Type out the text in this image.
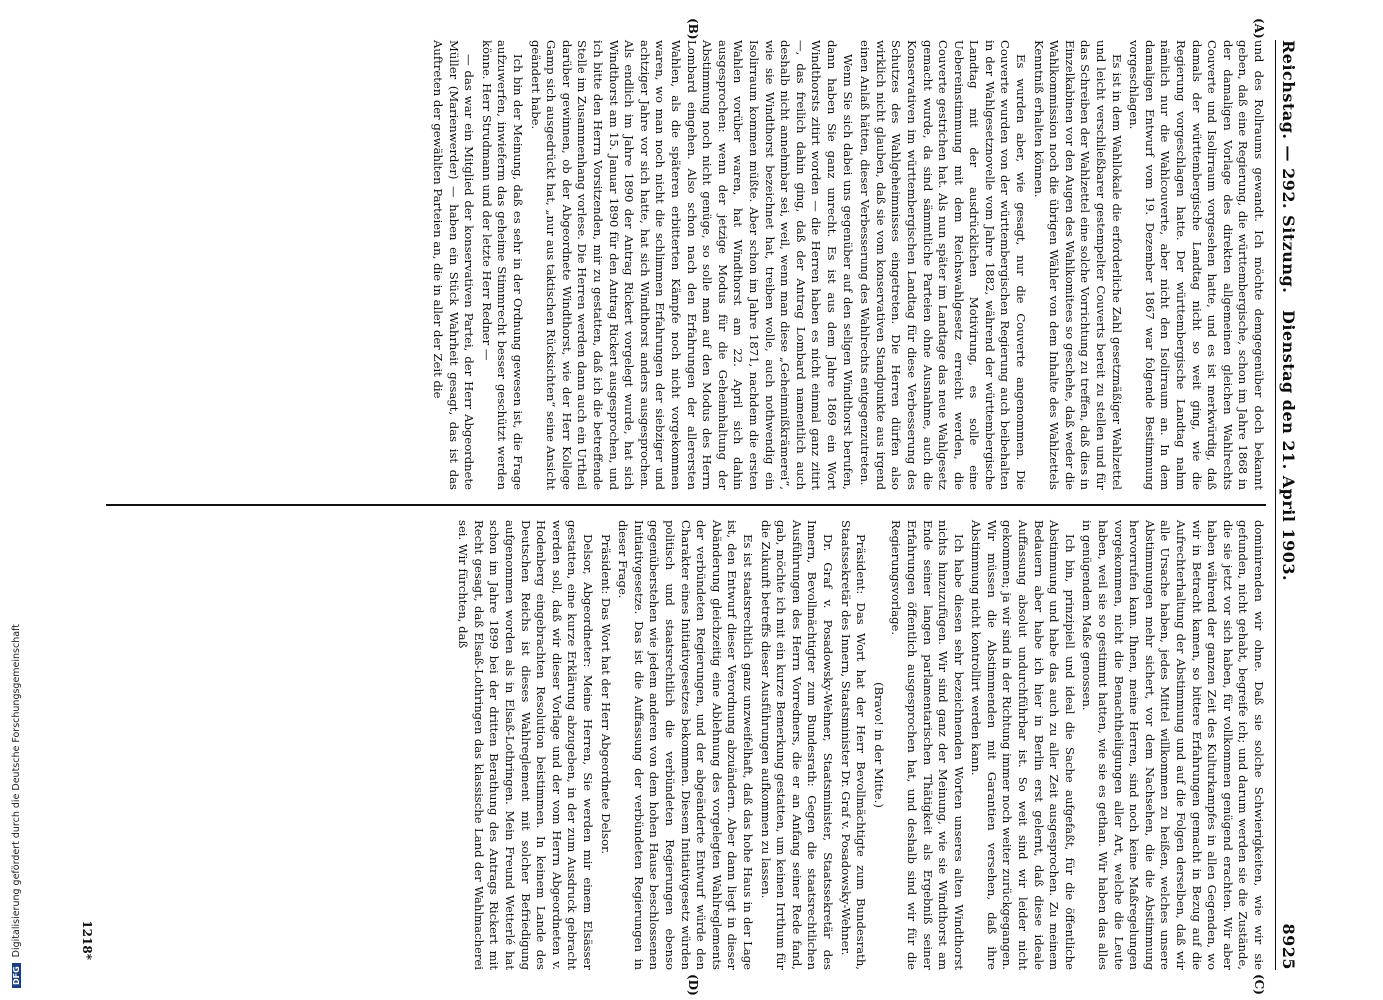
DFGDigitalisierung gefördert durch die Deutsche Forschungsgemeinschaft
Reichstag. — 292. Sitzung.
Dienstag den 21. April 1903.
8925
(A)
(B)
(C)
(D)

und des Rollraums gewandt. Ich möchte demgegenüber doch bekannt geben, daß eine Regierung, die württembergische, schon im Jahre 1868 in der damaligen Vorlage des direkten allgemeinen gleichen Wahlrechts Couverte und Isolirraum vorgesehen hatte, und es ist merkwürdig, daß damals der württembergische Landtag nicht so weit ging, wie die Regierung vorgeschlagen hatte. Der württembergische Landtag nahm nämlich nur die Wahlcouverte, aber nicht den Isolirraum an. In dem damaligen Entwurf vom 19. Dezember 1867 war folgende Bestimmung vorgeschlagen.

Es ist in dem Wahllokale die erforderliche Zahl gesetzmäßiger Wahlzettel und leicht verschließbarer gestempelter Couverts bereit zu stellen und für das Schreiben der Wahlzettel eine solche Vorrichtung zu treffen, daß dies in Einzelkabinen vor den Augen des Wahlkomitees so geschehe, daß weder die Wahlkommission noch die übrigen Wähler von dem Inhalte des Wahlzettels Kenntniß erhalten können.

Es wurden aber, wie gesagt, nur die Couverte angenommen. Die Couverte wurden von der württembergischen Regierung auch beibehalten in der Wahlgesetznovelle vom Jahre 1882, während der württembergische Landtag mit der ausdrücklichen Motivirung, es solle eine Uebereinstimmung mit dem Reichswahlgesetz erreicht werden, die Couverte gestrichen hat. Als nun später im Landtage das neue Wahlgesetz gemacht wurde, da sind sämmtliche Parteien ohne Ausnahme, auch die Konservativen im württembergischen Landtag für diese Verbesserung des Schutzes des Wahlgeheimnisses eingetreten. Die Herren dürfen also wirklich nicht glauben, daß sie vom konservativen Standpunkte aus irgend einen Anlaß hätten, dieser Verbesserung des Wahlrechts entgegenzutreten.

Wenn Sie sich dabei uns gegenüber auf den seligen Windthorst berufen, dann haben Sie ganz unrecht. Es ist aus dem Jahre 1869 ein Wort Windthorsts zitirt worden — die Herren haben es nicht einmal ganz zitirt —, das freilich dahin ging, daß der Antrag Lombard namentlich auch deshalb nicht annehmbar sei, weil, wenn man diese „Geheimnißkrämerei“, wie sie Windthorst bezeichnet hat, treiben wolle, auch nothwendig ein Isolirraum kommen müßte. Aber schon im Jahre 1871, nachdem die ersten Wahlen vorüber waren, hat Windthorst am 22. April sich dahin ausgesprochen: wenn der jetzige Modus für die Geheimhaltung der Abstimmung noch nicht genüge, so solle man auf den Modus des Herrn Lombard eingehen. Also schon nach den Erfahrungen der allerersten Wahlen, als die späteren erbitterten Kämpfe noch nicht vorgekommen waren, wo man noch nicht die schlimmen Erfahrungen der siebziger und achtziger Jahre vor sich hatte, hat sich Windthorst anders ausgesprochen. Als endlich im Jahre 1890 der Antrag Rickert vorgelegt wurde, hat sich Windthorst am 15. Januar 1890 für den Antrag Rickert ausgesprochen, und ich bitte den Herrn Vorsitzenden, mir zu gestatten, daß ich die betreffende Stelle im Zusammenhang vorlese. Die Herren werden dann auch ein Urtheil darüber gewinnen, ob der Abgeordnete Windthorst, wie der Herr Kollege Gamp sich ausgedrückt hat, „nur aus taktischen Rücksichten“ seine Ansicht geändert habe.

Ich bin der Meinung, daß es sehr in der Ordnung gewesen ist, die Frage aufzuwerfen, inwieferm das geheime Stimmrecht besser geschützt werden könne. Herr Strudmann und der letzte Herr Redner —

— das war ein Mitglied der konservativen Partei, der Herr Abgeordnete Müller (Marienwerder) — haben ein Stück Wahrheit gesagt, das ist das Auftreten der gewählten Parteien an, die in aller der Zeit die

dominirenden wir ohne. Daß sie solche Schwierigkeiten, wie wir sie gefunden, nicht gehabt, begreife ich; und darum werden sie die Zustände, die sie jetzt vor sich haben, für vollkommen genügend erachten. Wir aber haben während der ganzen Zeit des Kulturkampfes in allen Gegenden, wo wir in Betracht kamen, so bittere Erfahrungen gemacht in Bezug auf die Aufrechterhaltung der Abstimmung und auf die Folgen derselben, daß wir alle Ursache haben, jedes Mittel willkommen zu heißen, welches unsere Abstimmungen mehr sichert, vor dem Nachsehen, die die Abstimmung hervorrufen kann. Ihnen, meine Herren, sind noch keine Maßregelungen vorgekommen, nicht die Benachtheiligungen aller Art, welche die Leute haben, weil sie so gestimmt hatten, wie sie es gethan. Wir haben das alles in genügendem Maße genossen.

Ich bin, prinzipiell und ideal die Sache aufgefaßt, für die öffentliche Abstimmung und habe das auch zu aller Zeit ausgesprochen. Zu meinem Bedauern aber habe ich hier in Berlin erst gelernt, daß diese ideale Auffassung absolut undurchführbar ist. So weit sind wir leider nicht gekommen; ja wir sind in der Richtung immer noch weiter zurückgegangen. Wir müssen die Abstimmenden mit Garantien versehen, daß ihre Abstimmung nicht kontrollirt werden kann.

Ich habe diesen sehr bezeichnenden Worten unseres alten Windthorst nichts hinzuzufügen. Wir sind ganz der Meinung, wie sie Windthorst am Ende seiner langen parlamentarischen Thätigkeit als Ergebniß seiner Erfahrungen öffentlich ausgesprochen hat, und deshalb sind wir für die Regierungsvorlage.

(Bravo! in der Mitte.)

Präsident: Das Wort hat der Herr Bevollmächtigte zum Bundesrath, Staatssekretär des Innern, Staatsminister Dr. Graf v. Posadowsky-Wehner.

Dr. Graf v. Posadowsky-Wehner, Staatsminister, Staatssekretär des Innern, Bevollmächtigter zum Bundesrath: Gegen die staatsrechtlichen Ausführungen des Herrn Vorredners, die er an Anfang seiner Rede fand, gab, möchte ich mit ein kurze Bemerkung gestatten, um keinen Irrthum für die Zukunft betreffs dieser Ausführungen aufkommen zu lassen.

Es ist staatsrechtlich ganz unzweifelhaft, daß das hohe Haus in der Lage ist, den Entwurf dieser Verordnung abzuändern. Aber dann liegt in dieser Abänderung gleichzeitig eine Ablehnung des vorgelegten Wahlreglements der verbündeten Regierungen, und der abgeänderte Entwurf würde den Charakter eines Initiativgesetzes bekommen. Diesem Initiativgesetz würden politisch und staatsrechtlich die verbündeten Regierungen ebenso gegenüberstehen wie jedem anderen von dem hohen Hause beschlossenen Initiativgesetze. Das ist die Auffassung der verbündeten Regierungen in dieser Frage.

Präsident: Das Wort hat der Herr Abgeordnete Delsor.

Delsor, Abgeordneter: Meine Herren, Sie werden mir einem Elsässer gestatten, eine kurze Erklärung abzugeben, in der zum Ausdruck gebracht werden soll, daß wir dieser Vorlage und der vom Herrn Abgeordneten v. Hodenberg eingebrachten Resolution beistimmen. In keinem Lande des Deutschen Reichs ist dieses Wahlreglement mit solcher Befriedigung aufgenommen worden als in Elsaß-Lothringen. Mein Freund Wetterlé hat schon im Jahre 1899 bei der dritten Berathung des Antrags Rickert mit Recht gesagt, daß Elsaß-Lothringen das klassische Land der Wahlmacherei sei. Wir fürchten, daß

1218*
